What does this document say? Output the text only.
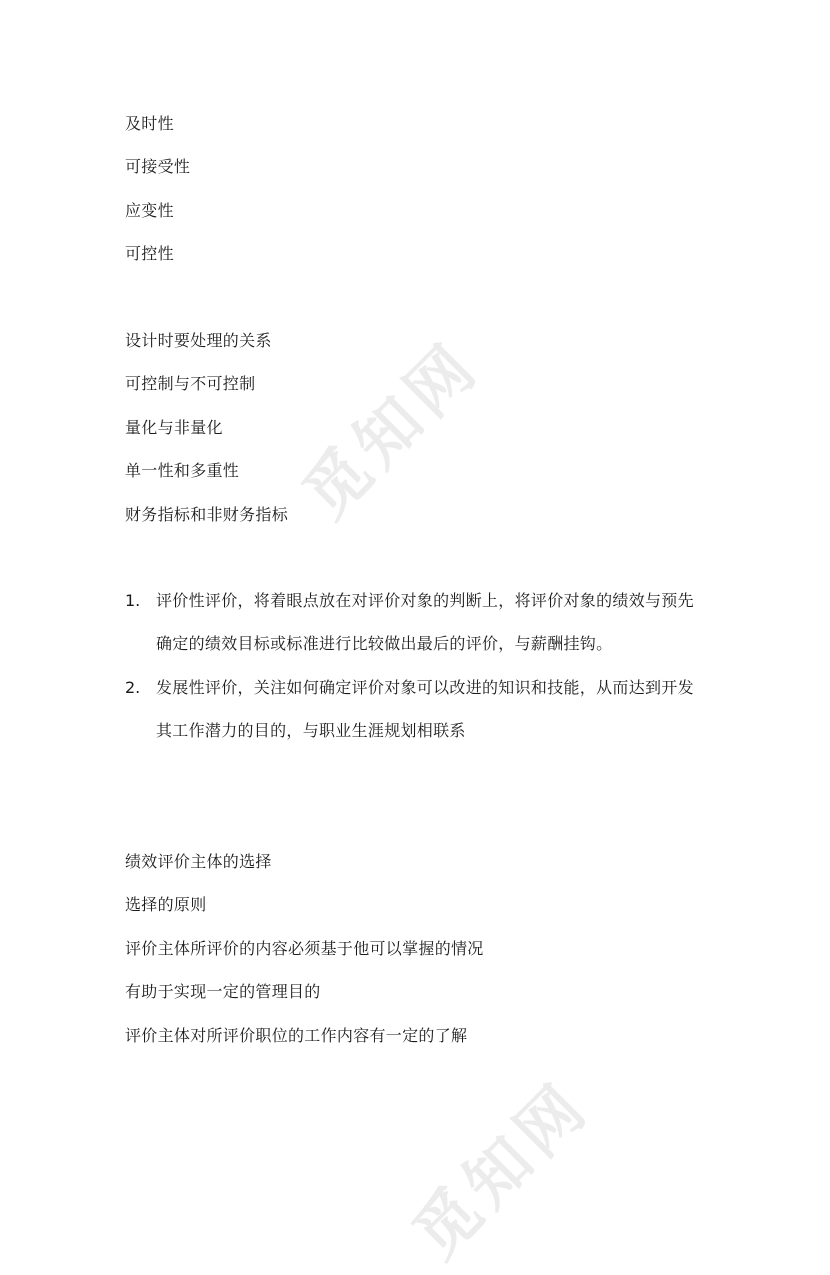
觅知网
觅知网
及时性
可接受性
应变性
可控性
设计时要处理的关系
可控制与不可控制
量化与非量化
单一性和多重性
财务指标和非财务指标
1. 评价性评价，将着眼点放在对评价对象的判断上，将评价对象的绩效与预先
确定的绩效目标或标准进行比较做出最后的评价，与薪酬挂钩。
2. 发展性评价，关注如何确定评价对象可以改进的知识和技能，从而达到开发
其工作潜力的目的，与职业生涯规划相联系
绩效评价主体的选择
选择的原则
评价主体所评价的内容必须基于他可以掌握的情况
有助于实现一定的管理目的
评价主体对所评价职位的工作内容有一定的了解
